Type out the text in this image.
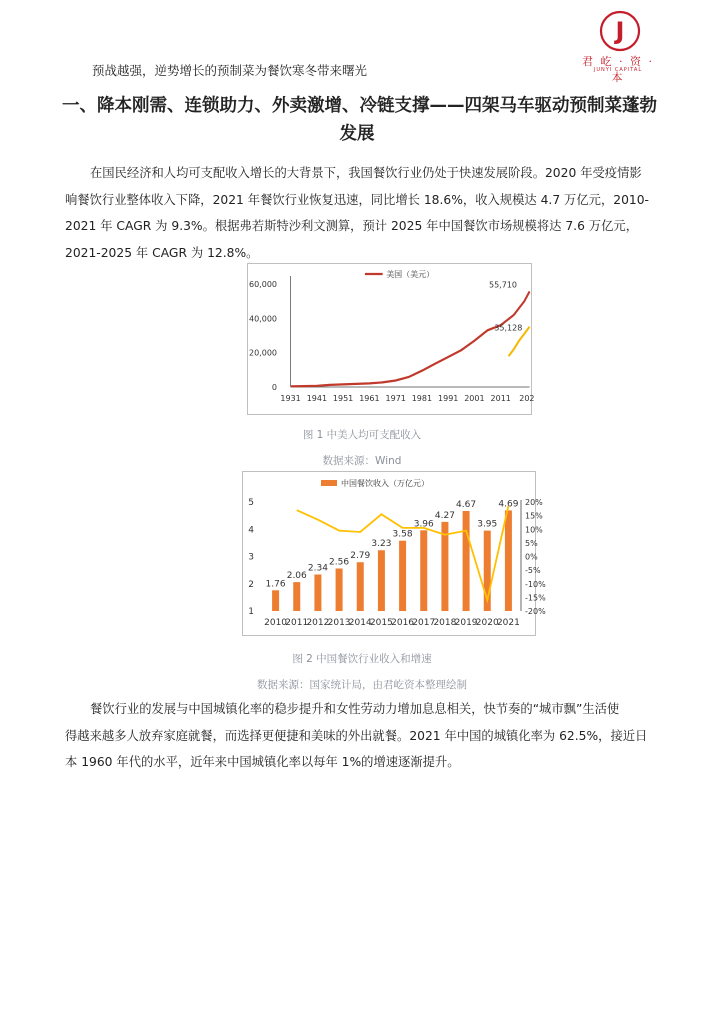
预战越强，逆势增长的预制菜为餐饮寒冬带来曙光
J
君 屹 · 资 · 本
JUNYI CAPITAL
一、降本刚需、连锁助力、外卖激增、冷链支撑——四架马车驱动预制菜蓬勃
发展
在国民经济和人均可支配收入增长的大背景下，我国餐饮行业仍处于快速发展阶段。2020 年受疫情影
响餐饮行业整体收入下降，2021 年餐饮行业恢复迅速，同比增长 18.6%，收入规模达 4.7 万亿元，2010-
2021 年 CAGR 为 9.3%。根据弗若斯特沙利文测算，预计 2025 年中国餐饮市场规模将达 7.6 万亿元，
2021-2025 年 CAGR 为 12.8%。
0
20,000
40,000
60,000
1931 1941 1951 1961 1971 1981 1991 2001 2011 202
美国（美元）
55,710
35,128
图 1 中美人均可支配收入
数据来源：Wind
1
2
3
4
5	20%
15%
10%
5%
0%
-5%
-10%
-15%
-20%
1.76
2.06
2.34
2.56
2.79
3.23
3.58
3.96
4.27
4.67
3.95
4.69
2010
2011
2012
2013
2014
2015
2016
2017
2018
2019
2020
2021
中国餐饮收入（万亿元）
图 2 中国餐饮行业收入和增速
数据来源：国家统计局，由君屹资本整理绘制
餐饮行业的发展与中国城镇化率的稳步提升和女性劳动力增加息息相关，快节奏的“城市飘”生活使
得越来越多人放弃家庭就餐，而选择更便捷和美味的外出就餐。2021 年中国的城镇化率为 62.5%，接近日
本 1960 年代的水平，近年来中国城镇化率以每年 1%的增速逐渐提升。
